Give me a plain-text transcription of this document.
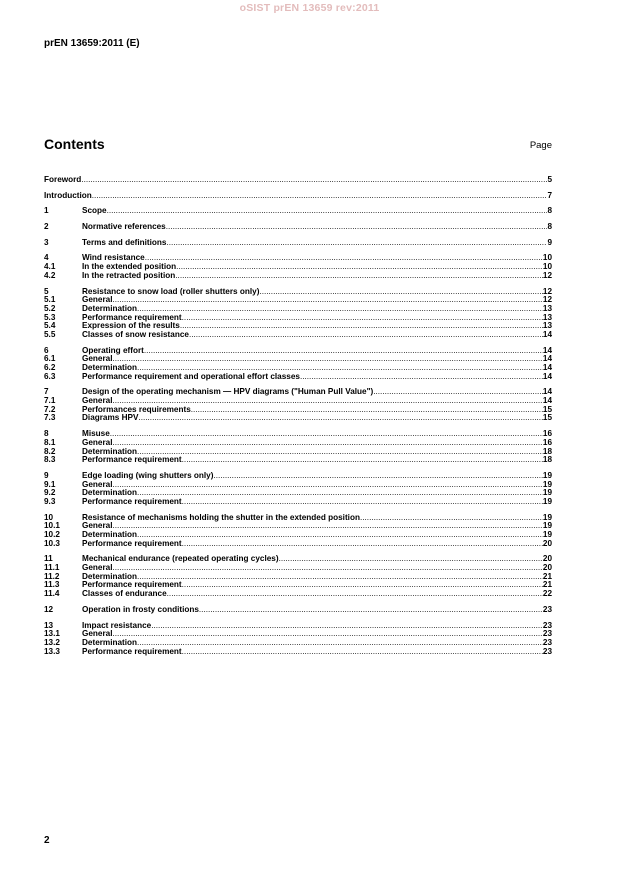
oSIST prEN 13659 rev:2011
prEN 13659:2011 (E)
Contents	Page
Foreword .....	5
Introduction .....	7
1	Scope .....	8
2	Normative references .....	8
3	Terms and definitions .....	9
4	Wind resistance .....	10
4.1	In the extended position .....	10
4.2	In the retracted position .....	12
5	Resistance to snow load (roller shutters only) .....	12
5.1	General .....	12
5.2	Determination .....	13
5.3	Performance requirement .....	13
5.4	Expression of the results .....	13
5.5	Classes of snow resistance .....	14
6	Operating effort .....	14
6.1	General .....	14
6.2	Determination .....	14
6.3	Performance requirement and operational effort classes .....	14
7	Design of the operating mechanism — HPV diagrams ("Human Pull Value") .....	14
7.1	General .....	14
7.2	Performances requirements .....	15
7.3	Diagrams HPV .....	15
8	Misuse .....	16
8.1	General .....	16
8.2	Determination .....	18
8.3	Performance requirement .....	18
9	Edge loading (wing shutters only) .....	19
9.1	General .....	19
9.2	Determination .....	19
9.3	Performance requirement .....	19
10	Resistance of mechanisms holding the shutter in the extended position .....	19
10.1	General .....	19
10.2	Determination .....	19
10.3	Performance requirement .....	20
11	Mechanical endurance (repeated operating cycles) .....	20
11.1	General .....	20
11.2	Determination .....	21
11.3	Performance requirement .....	21
11.4	Classes of endurance .....	22
12	Operation in frosty conditions .....	23
13	Impact resistance .....	23
13.1	General .....	23
13.2	Determination .....	23
13.3	Performance requirement .....	23
2
